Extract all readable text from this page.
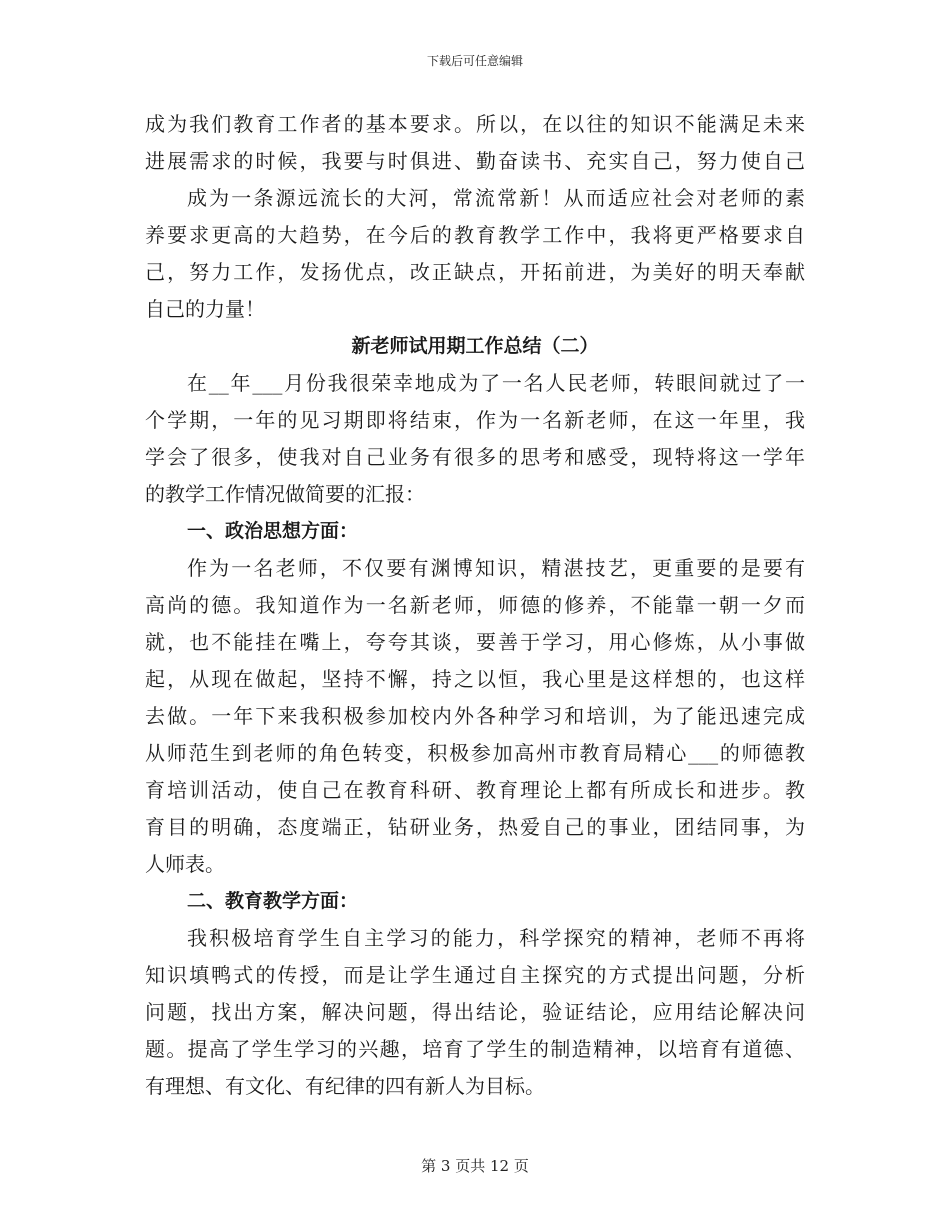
下载后可任意编辑
成为我们教育工作者的基本要求。所以，在以往的知识不能满足未来
进展需求的时候，我要与时俱进、勤奋读书、充实自己，努力使自己
成为一条源远流长的大河，常流常新！从而适应社会对老师的素
养要求更高的大趋势，在今后的教育教学工作中，我将更严格要求自
己，努力工作，发扬优点，改正缺点，开拓前进，为美好的明天奉献
自己的力量！
新老师试用期工作总结（二）
在__年___月份我很荣幸地成为了一名人民老师，转眼间就过了一
个学期，一年的见习期即将结束，作为一名新老师，在这一年里，我
学会了很多，使我对自己业务有很多的思考和感受，现特将这一学年
的教学工作情况做简要的汇报：
一、政治思想方面：
作为一名老师，不仅要有渊博知识，精湛技艺，更重要的是要有
高尚的德。我知道作为一名新老师，师德的修养，不能靠一朝一夕而
就，也不能挂在嘴上，夸夸其谈，要善于学习，用心修炼，从小事做
起，从现在做起，坚持不懈，持之以恒，我心里是这样想的，也这样
去做。一年下来我积极参加校内外各种学习和培训，为了能迅速完成
从师范生到老师的角色转变，积极参加高州市教育局精心___的师德教
育培训活动，使自己在教育科研、教育理论上都有所成长和进步。教
育目的明确，态度端正，钻研业务，热爱自己的事业，团结同事，为
人师表。
二、教育教学方面：
我积极培育学生自主学习的能力，科学探究的精神，老师不再将
知识填鸭式的传授，而是让学生通过自主探究的方式提出问题，分析
问题，找出方案，解决问题，得出结论，验证结论，应用结论解决问
题。提高了学生学习的兴趣，培育了学生的制造精神，以培育有道德、
有理想、有文化、有纪律的四有新人为目标。
第 3 页共 12 页
